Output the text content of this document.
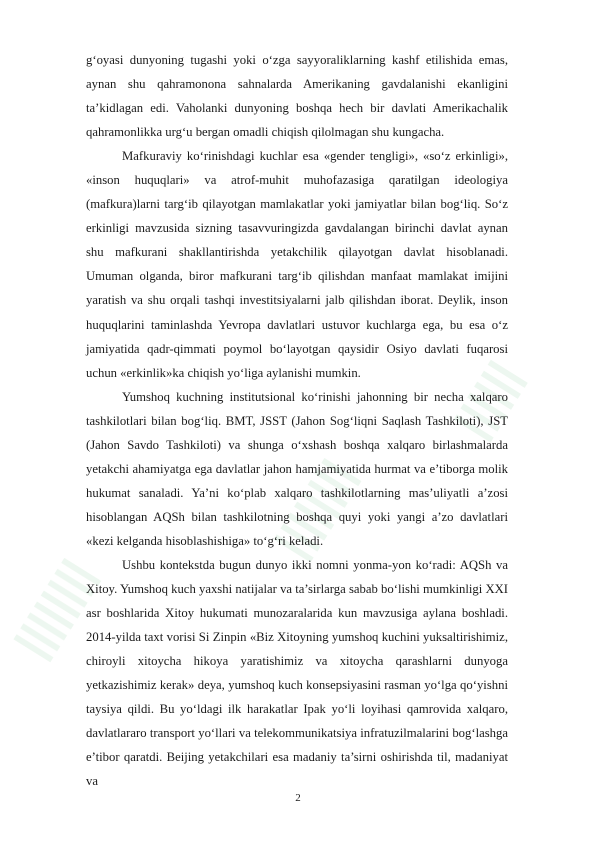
||||||||
||||||||
||||||

g‘oyasi dunyoning tugashi yoki o‘zga sayyoraliklarning kashf etilishida emas, aynan shu qahramonona sahnalarda Amerikaning gavdalanishi ekanligini ta’kidlagan edi. Vaholanki dunyoning boshqa hech bir davlati Amerikachalik qahramonlikka urg‘u bergan omadli chiqish qilolmagan shu kungacha.

Mafkuraviy ko‘rinishdagi kuchlar esa «gender tengligi», «so‘z erkinligi», «inson huquqlari» va atrof-muhit muhofazasiga qaratilgan ideologiya (mafkura)larni targ‘ib qilayotgan mamlakatlar yoki jamiyatlar bilan bog‘liq. So‘z erkinligi mavzusida sizning tasavvuringizda gavdalangan birinchi davlat aynan shu mafkurani shakllantirishda yetakchilik qilayotgan davlat hisoblanadi. Umuman olganda, biror mafkurani targ‘ib qilishdan manfaat mamlakat imijini yaratish va shu orqali tashqi investitsiyalarni jalb qilishdan iborat. Deylik, inson huquqlarini taminlashda Yevropa davlatlari ustuvor kuchlarga ega, bu esa o‘z jamiyatida qadr-qimmati poymol bo‘layotgan qaysidir Osiyo davlati fuqarosi uchun «erkinlik»ka chiqish yo‘liga aylanishi mumkin.

Yumshoq kuchning institutsional ko‘rinishi jahonning bir necha xalqaro tashkilotlari bilan bog‘liq. BMT, JSST (Jahon Sog‘liqni Saqlash Tashkiloti), JST (Jahon Savdo Tashkiloti) va shunga o‘xshash boshqa xalqaro birlashmalarda yetakchi ahamiyatga ega davlatlar jahon hamjamiyatida hurmat va e’tiborga molik hukumat sanaladi. Ya’ni ko‘plab xalqaro tashkilotlarning mas’uliyatli a’zosi hisoblangan AQSh bilan tashkilotning boshqa quyi yoki yangi a’zo davlatlari «kezi kelganda hisoblashishiga» to‘g‘ri keladi.

Ushbu kontekstda bugun dunyo ikki nomni yonma-yon ko‘radi: AQSh va Xitoy. Yumshoq kuch yaxshi natijalar va ta’sirlarga sabab bo‘lishi mumkinligi XXI asr boshlarida Xitoy hukumati munozaralarida kun mavzusiga aylana boshladi. 2014-yilda taxt vorisi Si Zinpin «Biz Xitoyning yumshoq kuchini yuksaltirishimiz, chiroyli xitoycha hikoya yaratishimiz va xitoycha qarashlarni dunyoga yetkazishimiz kerak» deya, yumshoq kuch konsepsiyasini rasman yo‘lga qo‘yishni taysiya qildi. Bu yo‘ldagi ilk harakatlar Ipak yo‘li loyihasi qamrovida xalqaro, davlatlararo transport yo‘llari va telekommunikatsiya infratuzilmalarini bog‘lashga e’tibor qaratdi. Beijing yetakchilari esa madaniy ta’sirni oshirishda til, madaniyat va

2
